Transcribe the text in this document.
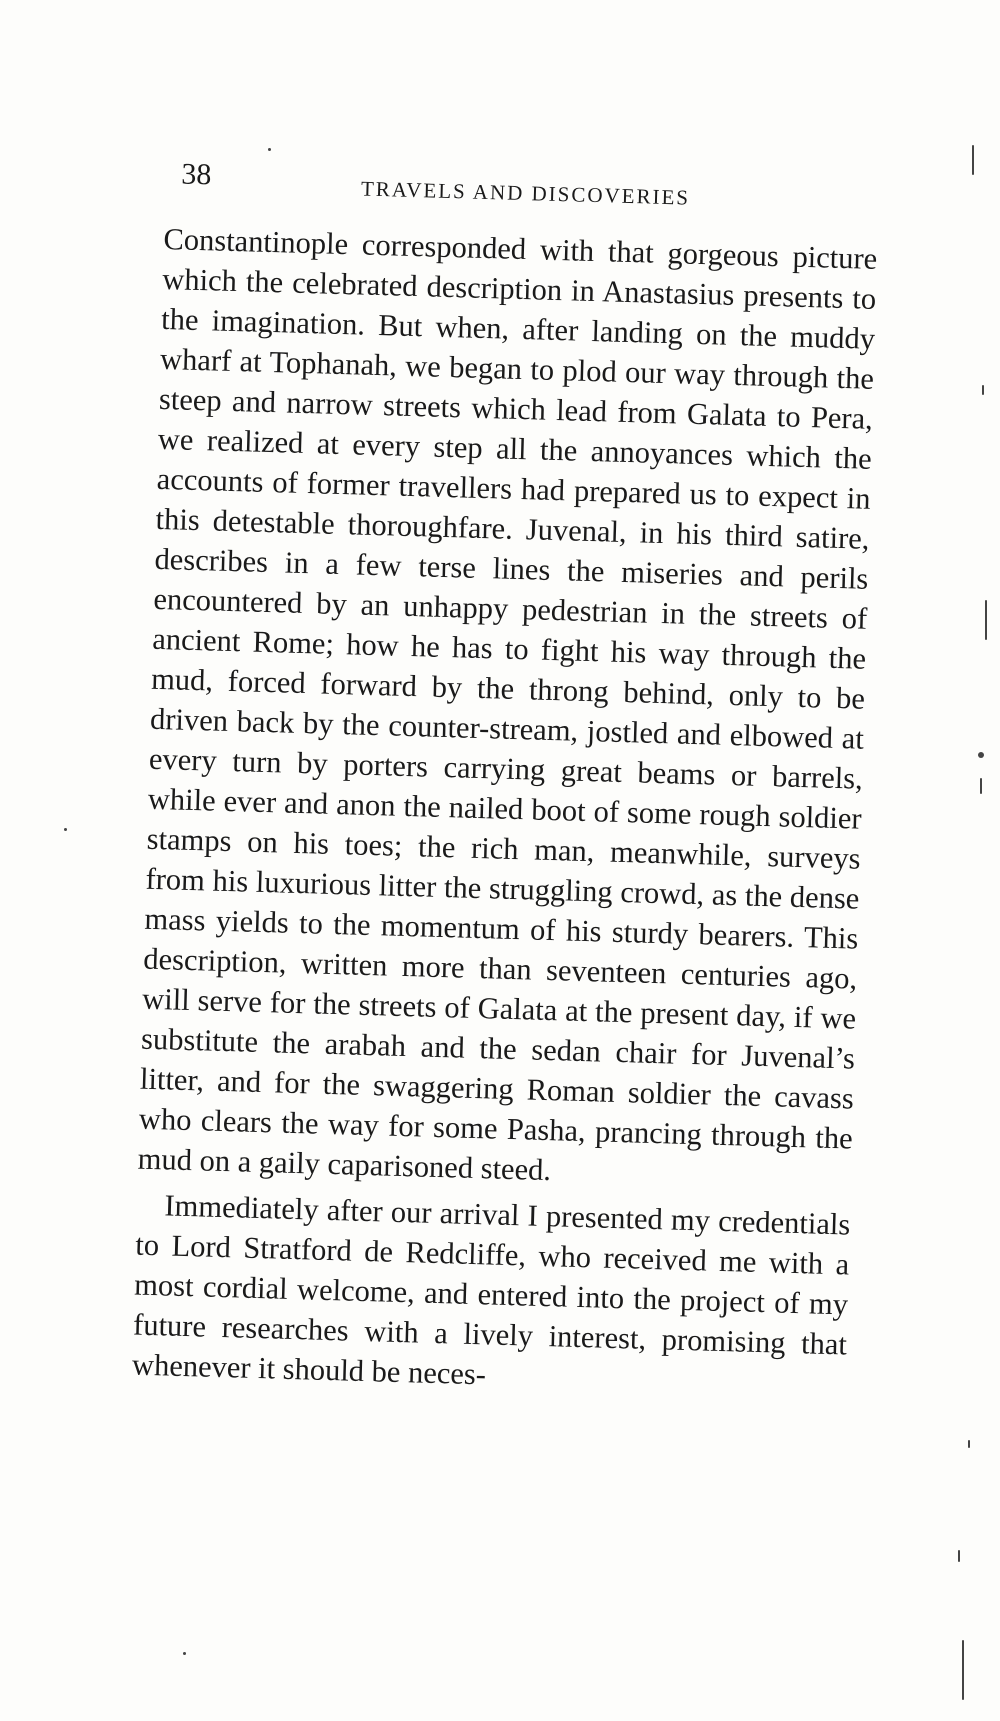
38
TRAVELS AND DISCOVERIES

Constantinople corresponded with that gorgeous picture which the celebrated description in Anastasius presents to the imagination. But when, after landing on the muddy wharf at Tophanah, we began to plod our way through the steep and narrow streets which lead from Galata to Pera, we realized at every step all the annoyances which the accounts of former travellers had prepared us to expect in this detestable thoroughfare. Juvenal, in his third satire, describes in a few terse lines the miseries and perils encountered by an unhappy pedestrian in the streets of ancient Rome; how he has to fight his way through the mud, forced forward by the throng behind, only to be driven back by the counter-stream, jostled and elbowed at every turn by porters carrying great beams or barrels, while ever and anon the nailed boot of some rough soldier stamps on his toes; the rich man, meanwhile, surveys from his luxurious litter the struggling crowd, as the dense mass yields to the momentum of his sturdy bearers. This description, written more than seventeen centuries ago, will serve for the streets of Galata at the present day, if we substitute the arabah and the sedan chair for Juvenal’s litter, and for the swaggering Roman soldier the cavass who clears the way for some Pasha, prancing through the mud on a gaily caparisoned steed.

Immediately after our arrival I presented my credentials to Lord Stratford de Redcliffe, who received me with a most cordial welcome, and entered into the project of my future researches with a lively interest, promising that whenever it should be neces-
